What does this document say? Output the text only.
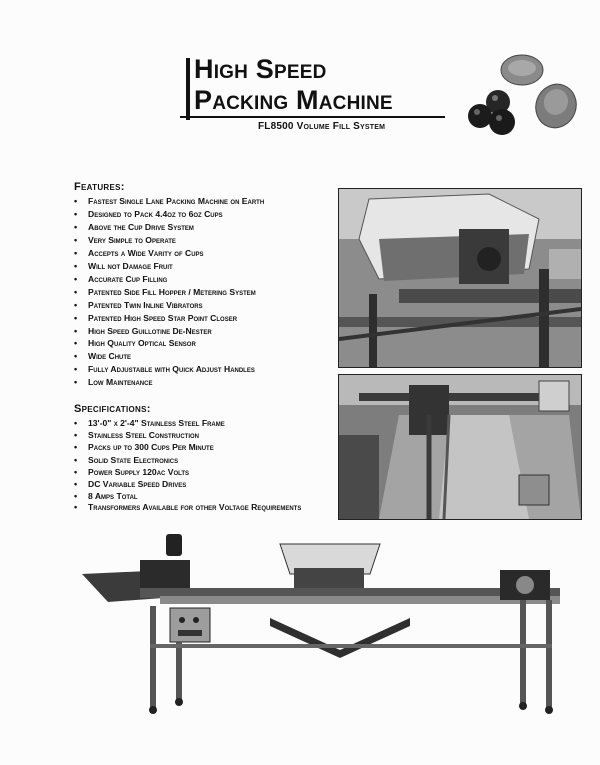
High Speed
Packing Machine
FL8500 Volume Fill System
Features:
• Fastest Single Lane Packing Machine on Earth
• Designed to Pack 4.4oz to 6oz Cups
• Above the Cup Drive System
• Very Simple to Operate
• Accepts a Wide Varity of Cups
• Will not Damage Fruit
• Accurate Cup Filling
• Patented Side Fill Hopper / Metering System
• Patented Twin Inline Vibrators
• Patented High Speed Star Point Closer
• High Speed Guillotine De-Nester
• High Quality Optical Sensor
• Wide Chute
• Fully Adjustable with Quick Adjust Handles
• Low Maintenance
Specifications:
• 13'-0" x 2'-4" Stainless Steel Frame
• Stainless Steel Construction
• Packs up to 300 Cups Per Minute
• Solid State Electronics
• Power Supply 120ac Volts
• DC Variable Speed Drives
• 8 Amps Total
• Transformers Available for other Voltage Requirements
